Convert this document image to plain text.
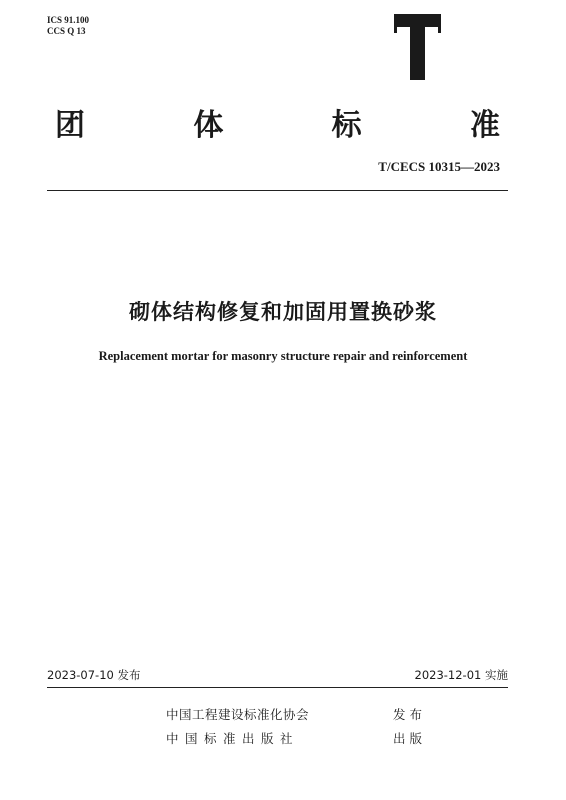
ICS 91.100
CCS Q 13
团	体	标	准
T/CECS 10315—2023
砌体结构修复和加固用置换砂浆
Replacement mortar for masonry structure repair and reinforcement
2023-07-10 发布	2023-12-01 实施
中国工程建设标准化协会	发布
中国标准出版社	出版
